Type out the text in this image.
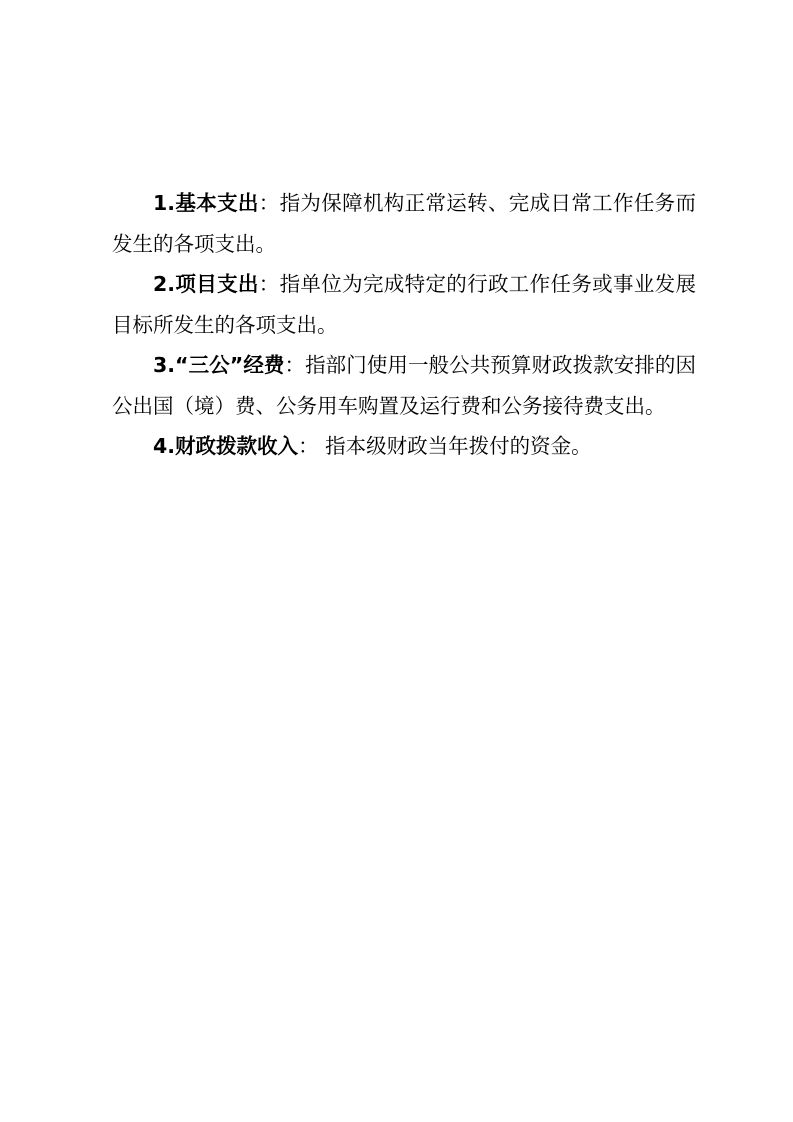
1.基本支出：指为保障机构正常运转、完成日常工作任务而发生的各项支出。

2.项目支出：指单位为完成特定的行政工作任务或事业发展目标所发生的各项支出。

3.“三公”经费：指部门使用一般公共预算财政拨款安排的因公出国（境）费、公务用车购置及运行费和公务接待费支出。

4.财政拨款收入： 指本级财政当年拨付的资金。
